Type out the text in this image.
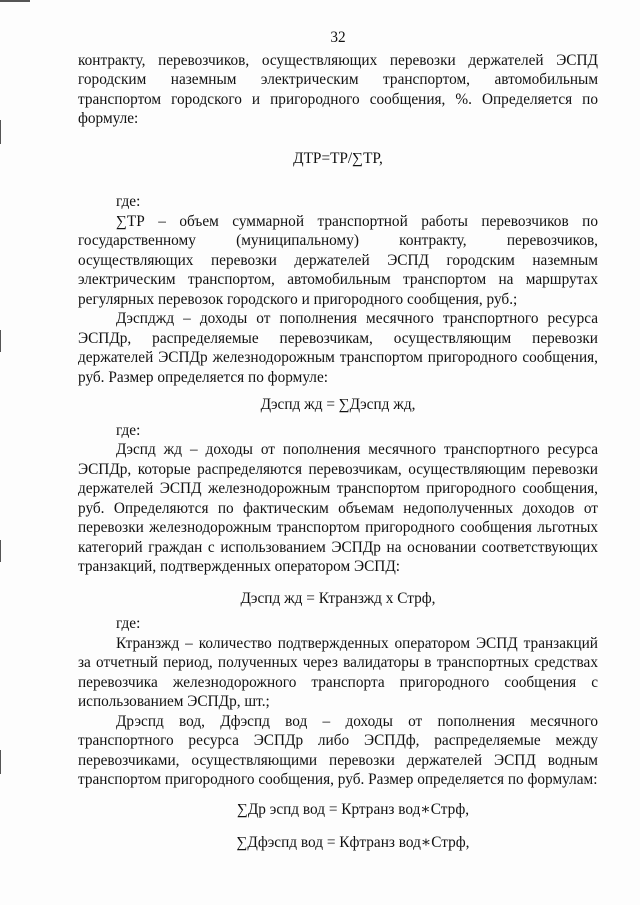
32

контракту, перевозчиков, осуществляющих перевозки держателей ЭСПД городским наземным электрическим транспортом, автомобильным транспортом городского и пригородного сообщения, %. Определяется по формуле:

ДТР=ТР/∑ТР,
где:

∑ТР – объем суммарной транспортной работы перевозчиков по государственному (муниципальному) контракту, перевозчиков, осуществляющих перевозки держателей ЭСПД городским наземным электрическим транспортом, автомобильным транспортом на маршрутах регулярных перевозок городского и пригородного сообщения, руб.;

Дэспджд – доходы от пополнения месячного транспортного ресурса ЭСПДр, распределяемые перевозчикам, осуществляющим перевозки держателей ЭСПДр железнодорожным транспортом пригородного сообщения, руб. Размер определяется по формуле:

Дэспд жд = ∑Дэспд жд,
где:

Дэспд жд – доходы от пополнения месячного транспортного ресурса ЭСПДр, которые распределяются перевозчикам, осуществляющим перевозки держателей ЭСПД железнодорожным транспортом пригородного сообщения, руб. Определяются по фактическим объемам недополученных доходов от перевозки железнодорожным транспортом пригородного сообщения льготных категорий граждан с использованием ЭСПДр на основании соответствующих транзакций, подтвержденных оператором ЭСПД:

Дэспд жд = Ктранзжд х Стрф,
где:

Ктранзжд – количество подтвержденных оператором ЭСПД транзакций за отчетный период, полученных через валидаторы в транспортных средствах перевозчика железнодорожного транспорта пригородного сообщения с использованием ЭСПДр, шт.;

Дрэспд вод, Дфэспд вод – доходы от пополнения месячного транспортного ресурса ЭСПДр либо ЭСПДф, распределяемые между перевозчиками, осуществляющими перевозки держателей ЭСПД водным транспортом пригородного сообщения, руб. Размер определяется по формулам:

∑Др эспд вод = Кртранз вод∗Стрф,
∑Дфэспд вод = Кфтранз вод∗Стрф,
